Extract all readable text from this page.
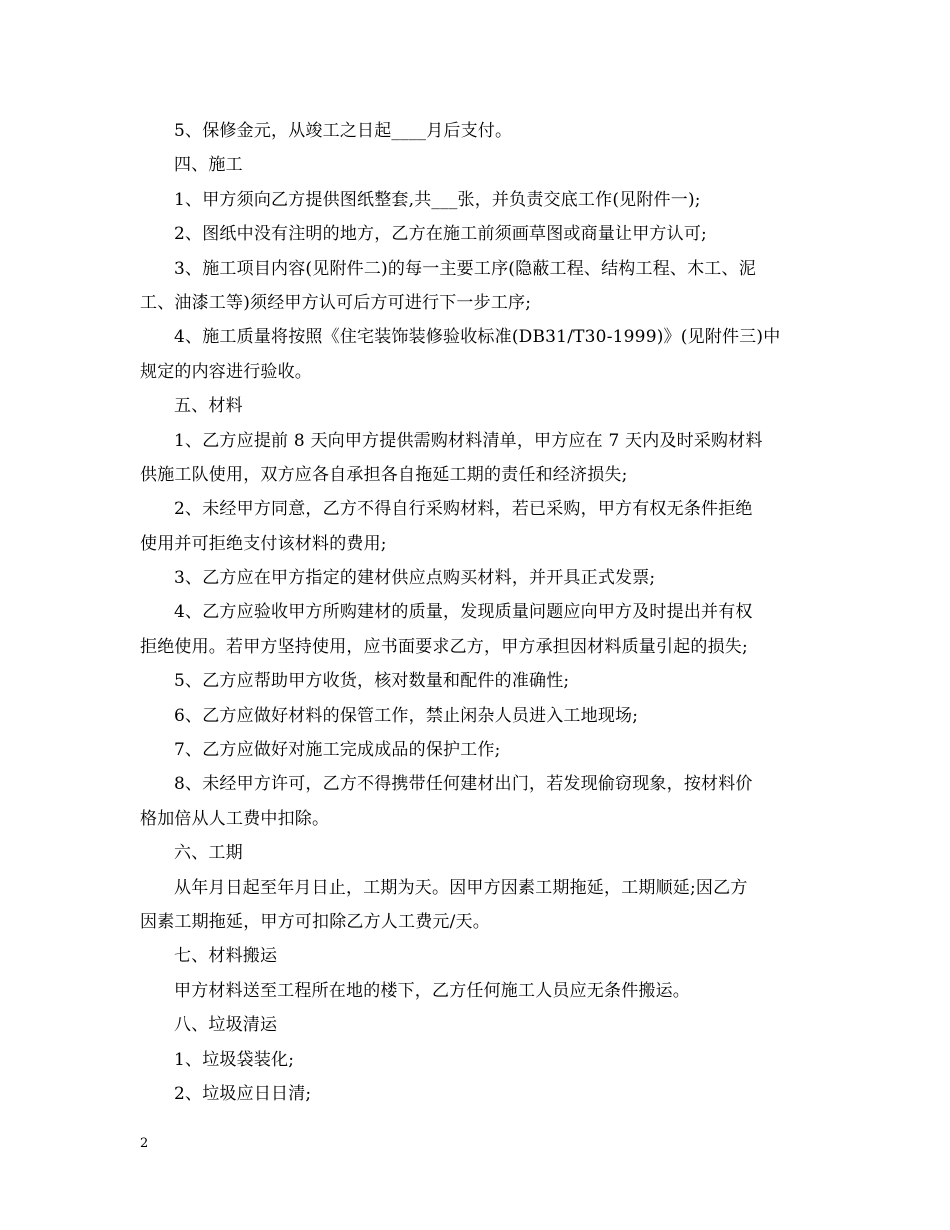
5、保修金元，从竣工之日起____月后支付。
四、施工
1、甲方须向乙方提供图纸整套,共___张，并负责交底工作(见附件一);
2、图纸中没有注明的地方，乙方在施工前须画草图或商量让甲方认可;
3、施工项目内容(见附件二)的每一主要工序(隐蔽工程、结构工程、木工、泥
工、油漆工等)须经甲方认可后方可进行下一步工序;
4、施工质量将按照《住宅装饰装修验收标准(DB31/T30-1999)》(见附件三)中
规定的内容进行验收。
五、材料
1、乙方应提前 8 天向甲方提供需购材料清单，甲方应在 7 天内及时采购材料
供施工队使用，双方应各自承担各自拖延工期的责任和经济损失;
2、未经甲方同意，乙方不得自行采购材料，若已采购，甲方有权无条件拒绝
使用并可拒绝支付该材料的费用;
3、乙方应在甲方指定的建材供应点购买材料，并开具正式发票;
4、乙方应验收甲方所购建材的质量，发现质量问题应向甲方及时提出并有权
拒绝使用。若甲方坚持使用，应书面要求乙方，甲方承担因材料质量引起的损失;
5、乙方应帮助甲方收货，核对数量和配件的准确性;
6、乙方应做好材料的保管工作，禁止闲杂人员进入工地现场;
7、乙方应做好对施工完成成品的保护工作;
8、未经甲方许可，乙方不得携带任何建材出门，若发现偷窃现象，按材料价
格加倍从人工费中扣除。
六、工期
从年月日起至年月日止，工期为天。因甲方因素工期拖延，工期顺延;因乙方
因素工期拖延，甲方可扣除乙方人工费元/天。
七、材料搬运
甲方材料送至工程所在地的楼下，乙方任何施工人员应无条件搬运。
八、垃圾清运
1、垃圾袋装化;
2、垃圾应日日清;
2
